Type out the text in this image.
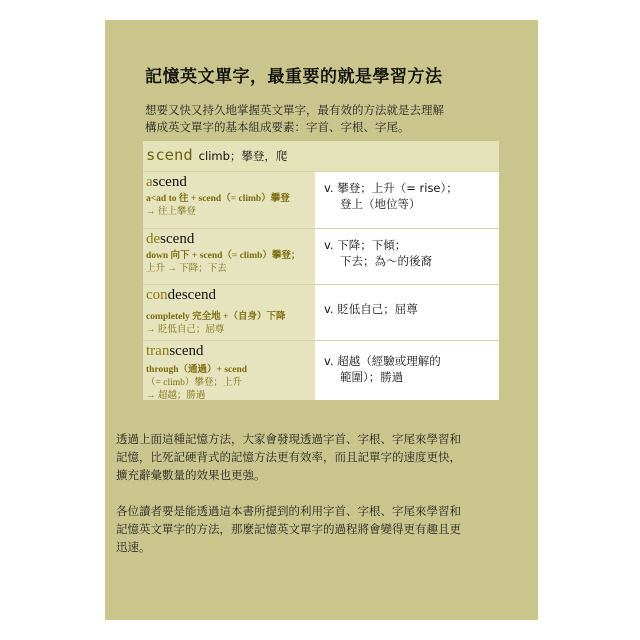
記憶英文單字，最重要的就是學習方法

想要又快又持久地掌握英文單字，最有效的方法就是去理解

構成英文單字的基本組成要素：字首、字根、字尾。

scend climb；攀登，爬
ascend
a<ad to 往 + scend（= climb）攀登
→ 往上攀登
v. 攀登；上升（= rise）；
登上（地位等）
descend
down 向下 + scend（= climb）攀登；
上升 → 下降；下去
v. 下降；下傾；
下去；為～的後裔
condescend
completely 完全地 +（自身）下降
→ 貶低自己；屈尊
v. 貶低自己；屈尊
transcend
through（通過）+ scend
（= climb）攀登；上升
→ 超越；勝過
v. 超越（經驗或理解的
範圍）；勝過

透過上面這種記憶方法，大家會發現透過字首、字根、字尾來學習和
記憶，比死記硬背式的記憶方法更有效率，而且記單字的速度更快，
擴充辭彙數量的效果也更強。

各位讀者要是能透過這本書所提到的利用字首、字根、字尾來學習和
記憶英文單字的方法，那麼記憶英文單字的過程將會變得更有趣且更
迅速。
